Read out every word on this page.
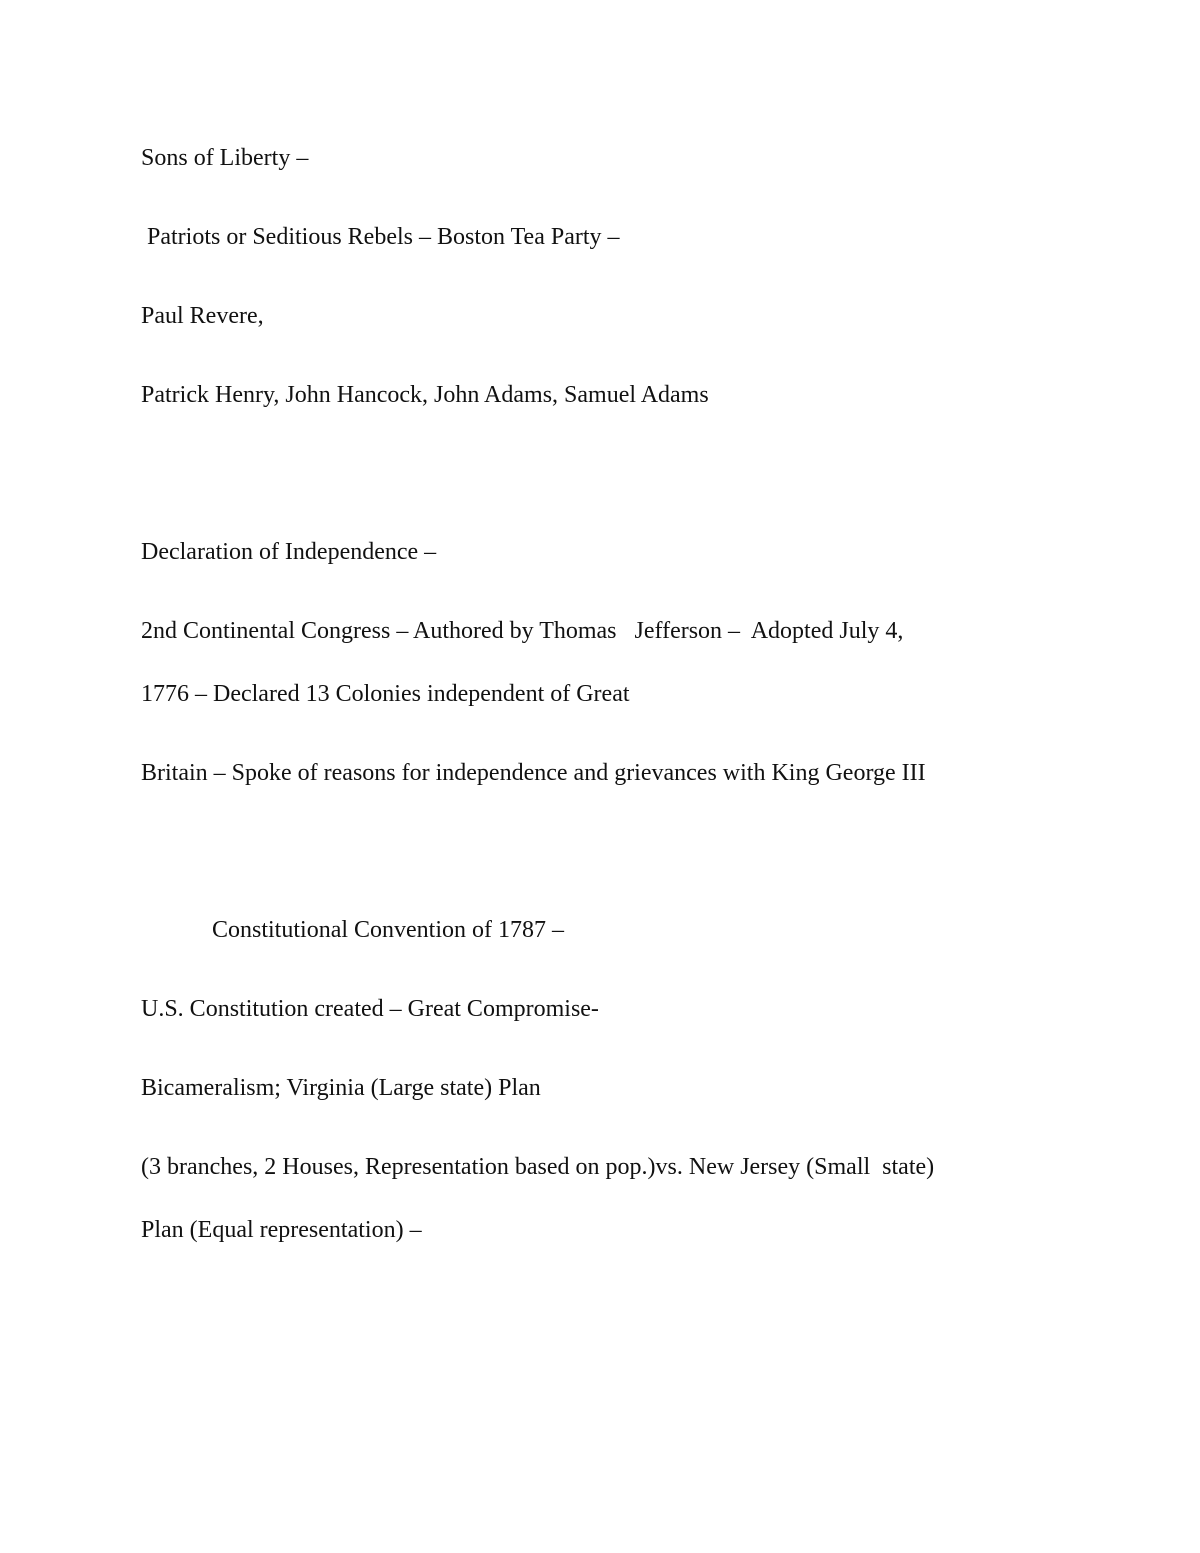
Sons of Liberty –

Patriots or Seditious Rebels – Boston Tea Party –

Paul Revere,

Patrick Henry, John Hancock, John Adams, Samuel Adams

Declaration of Independence –

2nd Continental Congress – Authored by Thomas   Jefferson –  Adopted July 4,

1776 – Declared 13 Colonies independent of Great

Britain – Spoke of reasons for independence and grievances with King George III

Constitutional Convention of 1787 –

U.S. Constitution created – Great Compromise-

Bicameralism; Virginia (Large state) Plan

(3 branches, 2 Houses, Representation based on pop.)vs. New Jersey (Small  state)

Plan (Equal representation) –
